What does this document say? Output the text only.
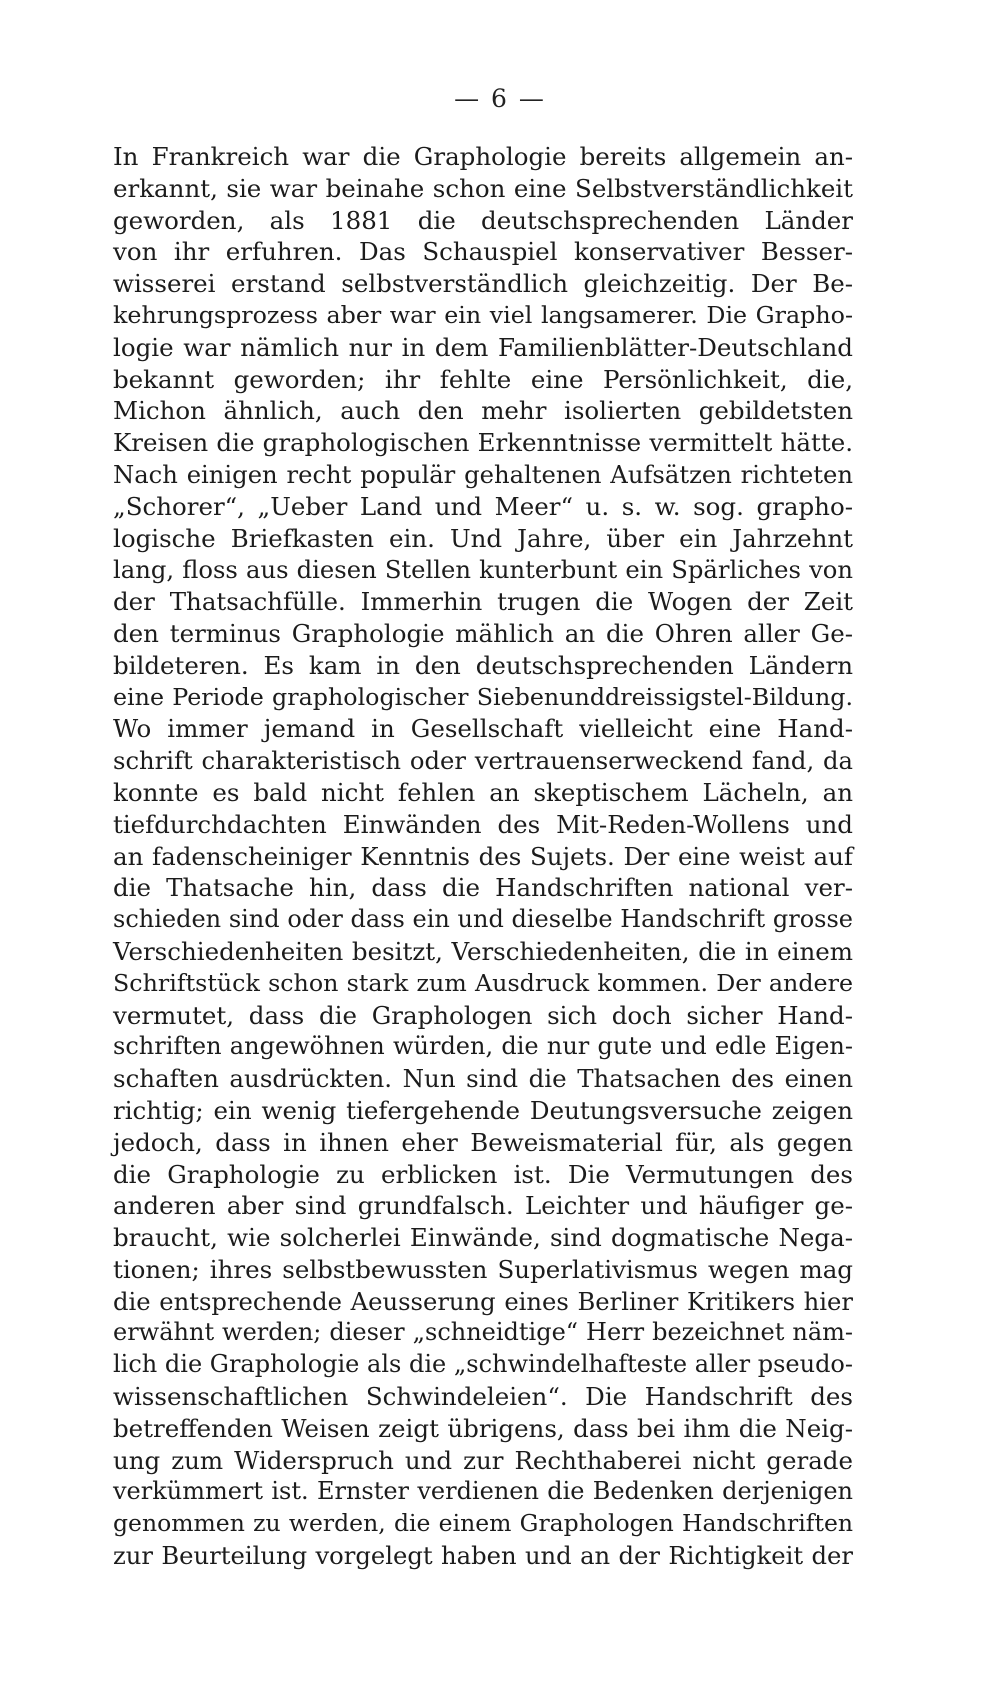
— 6 —
In Frankreich war die Graphologie bereits allgemein an-
erkannt, sie war beinahe schon eine Selbstverständlichkeit
geworden, als 1881 die deutschsprechenden Länder
von ihr erfuhren. Das Schauspiel konservativer Besser-
wisserei erstand selbstverständlich gleichzeitig. Der Be-
kehrungsprozess aber war ein viel langsamerer. Die Grapho-
logie war nämlich nur in dem Familienblätter-Deutschland
bekannt geworden; ihr fehlte eine Persönlichkeit, die,
Michon ähnlich, auch den mehr isolierten gebildetsten
Kreisen die graphologischen Erkenntnisse vermittelt hätte.
Nach einigen recht populär gehaltenen Aufsätzen richteten
„Schorer“, „Ueber Land und Meer“ u. s. w. sog. grapho-
logische Briefkasten ein. Und Jahre, über ein Jahrzehnt
lang, floss aus diesen Stellen kunterbunt ein Spärliches von
der Thatsachfülle. Immerhin trugen die Wogen der Zeit
den terminus Graphologie mählich an die Ohren aller Ge-
bildeteren. Es kam in den deutschsprechenden Ländern
eine Periode graphologischer Siebenunddreissigstel-Bildung.
Wo immer jemand in Gesellschaft vielleicht eine Hand-
schrift charakteristisch oder vertrauenserweckend fand, da
konnte es bald nicht fehlen an skeptischem Lächeln, an
tiefdurchdachten Einwänden des Mit-Reden-Wollens und
an fadenscheiniger Kenntnis des Sujets. Der eine weist auf
die Thatsache hin, dass die Handschriften national ver-
schieden sind oder dass ein und dieselbe Handschrift grosse
Verschiedenheiten besitzt, Verschiedenheiten, die in einem
Schriftstück schon stark zum Ausdruck kommen. Der andere
vermutet, dass die Graphologen sich doch sicher Hand-
schriften angewöhnen würden, die nur gute und edle Eigen-
schaften ausdrückten. Nun sind die Thatsachen des einen
richtig; ein wenig tiefergehende Deutungsversuche zeigen
jedoch, dass in ihnen eher Beweismaterial für, als gegen
die Graphologie zu erblicken ist. Die Vermutungen des
anderen aber sind grundfalsch. Leichter und häufiger ge-
braucht, wie solcherlei Einwände, sind dogmatische Nega-
tionen; ihres selbstbewussten Superlativismus wegen mag
die entsprechende Aeusserung eines Berliner Kritikers hier
erwähnt werden; dieser „schneidtige“ Herr bezeichnet näm-
lich die Graphologie als die „schwindelhafteste aller pseudo-
wissenschaftlichen Schwindeleien“. Die Handschrift des
betreffenden Weisen zeigt übrigens, dass bei ihm die Neig-
ung zum Widerspruch und zur Rechthaberei nicht gerade
verkümmert ist. Ernster verdienen die Bedenken derjenigen
genommen zu werden, die einem Graphologen Handschriften
zur Beurteilung vorgelegt haben und an der Richtigkeit der
